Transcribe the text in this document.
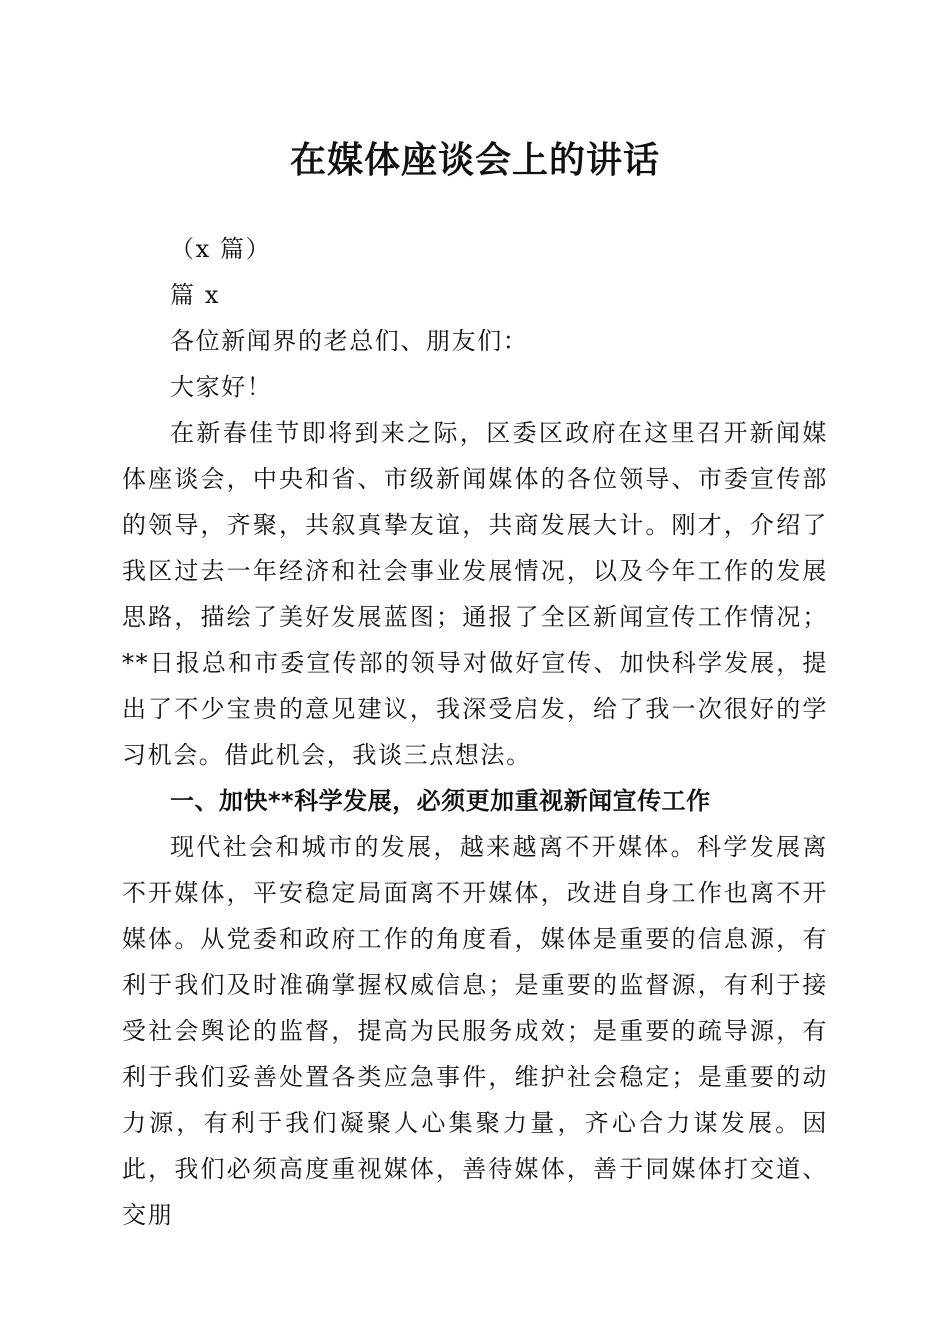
在媒体座谈会上的讲话

（x 篇）

篇 x

各位新闻界的老总们、朋友们：

大家好！

在新春佳节即将到来之际，区委区政府在这里召开新闻媒体座谈会，中央和省、市级新闻媒体的各位领导、市委宣传部的领导，齐聚，共叙真挚友谊，共商发展大计。刚才，介绍了我区过去一年经济和社会事业发展情况，以及今年工作的发展思路，描绘了美好发展蓝图；通报了全区新闻宣传工作情况；**日报总和市委宣传部的领导对做好宣传、加快科学发展，提出了不少宝贵的意见建议，我深受启发，给了我一次很好的学习机会。借此机会，我谈三点想法。

一、加快**科学发展，必须更加重视新闻宣传工作

现代社会和城市的发展，越来越离不开媒体。科学发展离不开媒体，平安稳定局面离不开媒体，改进自身工作也离不开媒体。从党委和政府工作的角度看，媒体是重要的信息源，有利于我们及时准确掌握权威信息；是重要的监督源，有利于接受社会舆论的监督，提高为民服务成效；是重要的疏导源，有利于我们妥善处置各类应急事件，维护社会稳定；是重要的动力源，有利于我们凝聚人心集聚力量，齐心合力谋发展。因此，我们必须高度重视媒体，善待媒体，善于同媒体打交道、交朋
